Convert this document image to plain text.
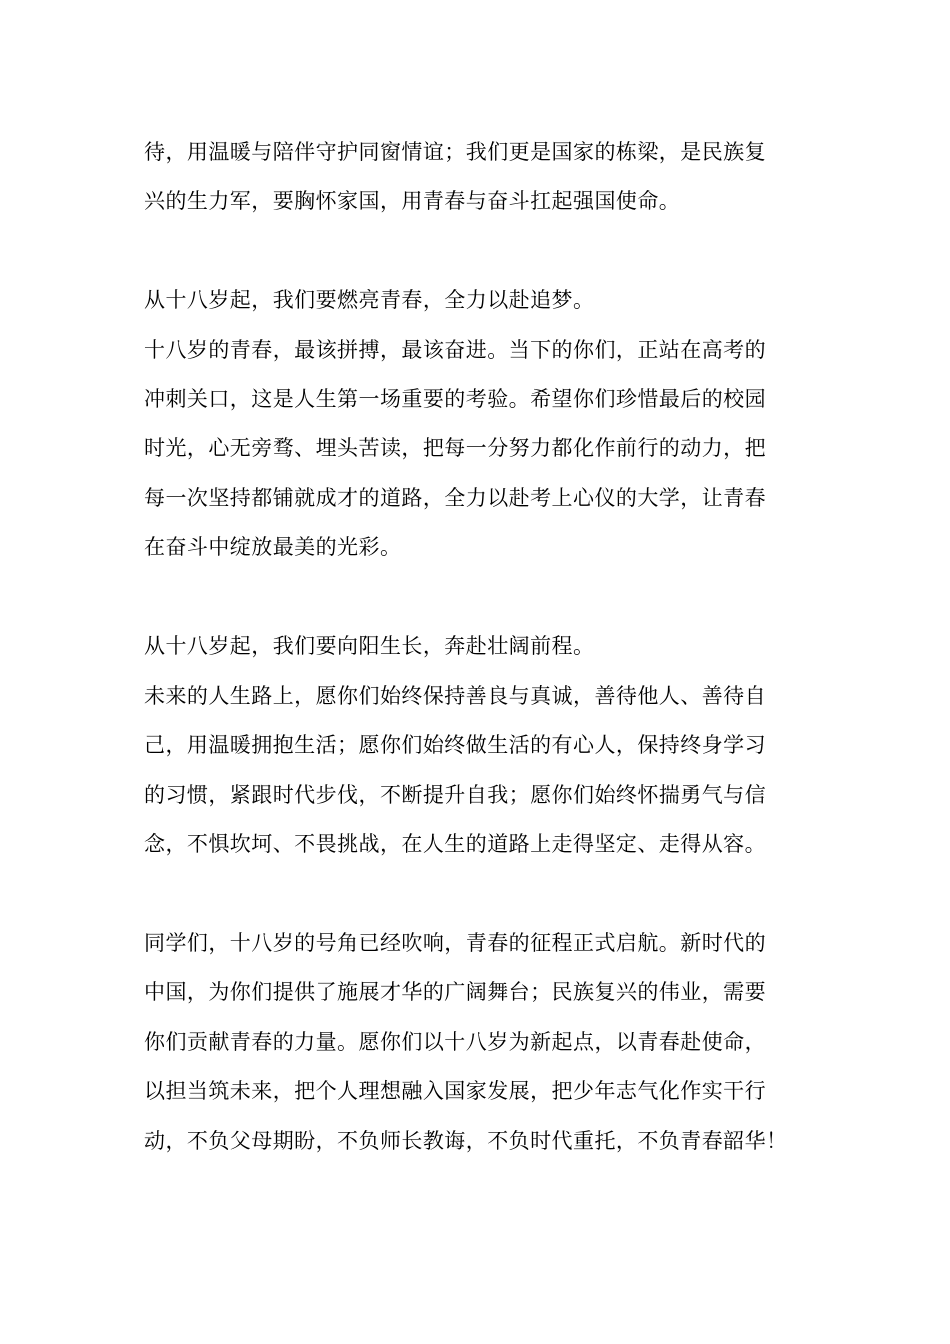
待，用温暖与陪伴守护同窗情谊；我们更是国家的栋梁，是民族复
兴的生力军，要胸怀家国，用青春与奋斗扛起强国使命。
从十八岁起，我们要燃亮青春，全力以赴追梦。
十八岁的青春，最该拼搏，最该奋进。当下的你们，正站在高考的
冲刺关口，这是人生第一场重要的考验。希望你们珍惜最后的校园
时光，心无旁骛、埋头苦读，把每一分努力都化作前行的动力，把
每一次坚持都铺就成才的道路，全力以赴考上心仪的大学，让青春
在奋斗中绽放最美的光彩。
从十八岁起，我们要向阳生长，奔赴壮阔前程。
未来的人生路上，愿你们始终保持善良与真诚，善待他人、善待自
己，用温暖拥抱生活；愿你们始终做生活的有心人，保持终身学习
的习惯，紧跟时代步伐，不断提升自我；愿你们始终怀揣勇气与信
念，不惧坎坷、不畏挑战，在人生的道路上走得坚定、走得从容。
同学们，十八岁的号角已经吹响，青春的征程正式启航。新时代的
中国，为你们提供了施展才华的广阔舞台；民族复兴的伟业，需要
你们贡献青春的力量。愿你们以十八岁为新起点，以青春赴使命，
以担当筑未来，把个人理想融入国家发展，把少年志气化作实干行
动，不负父母期盼，不负师长教诲，不负时代重托，不负青春韶华！
